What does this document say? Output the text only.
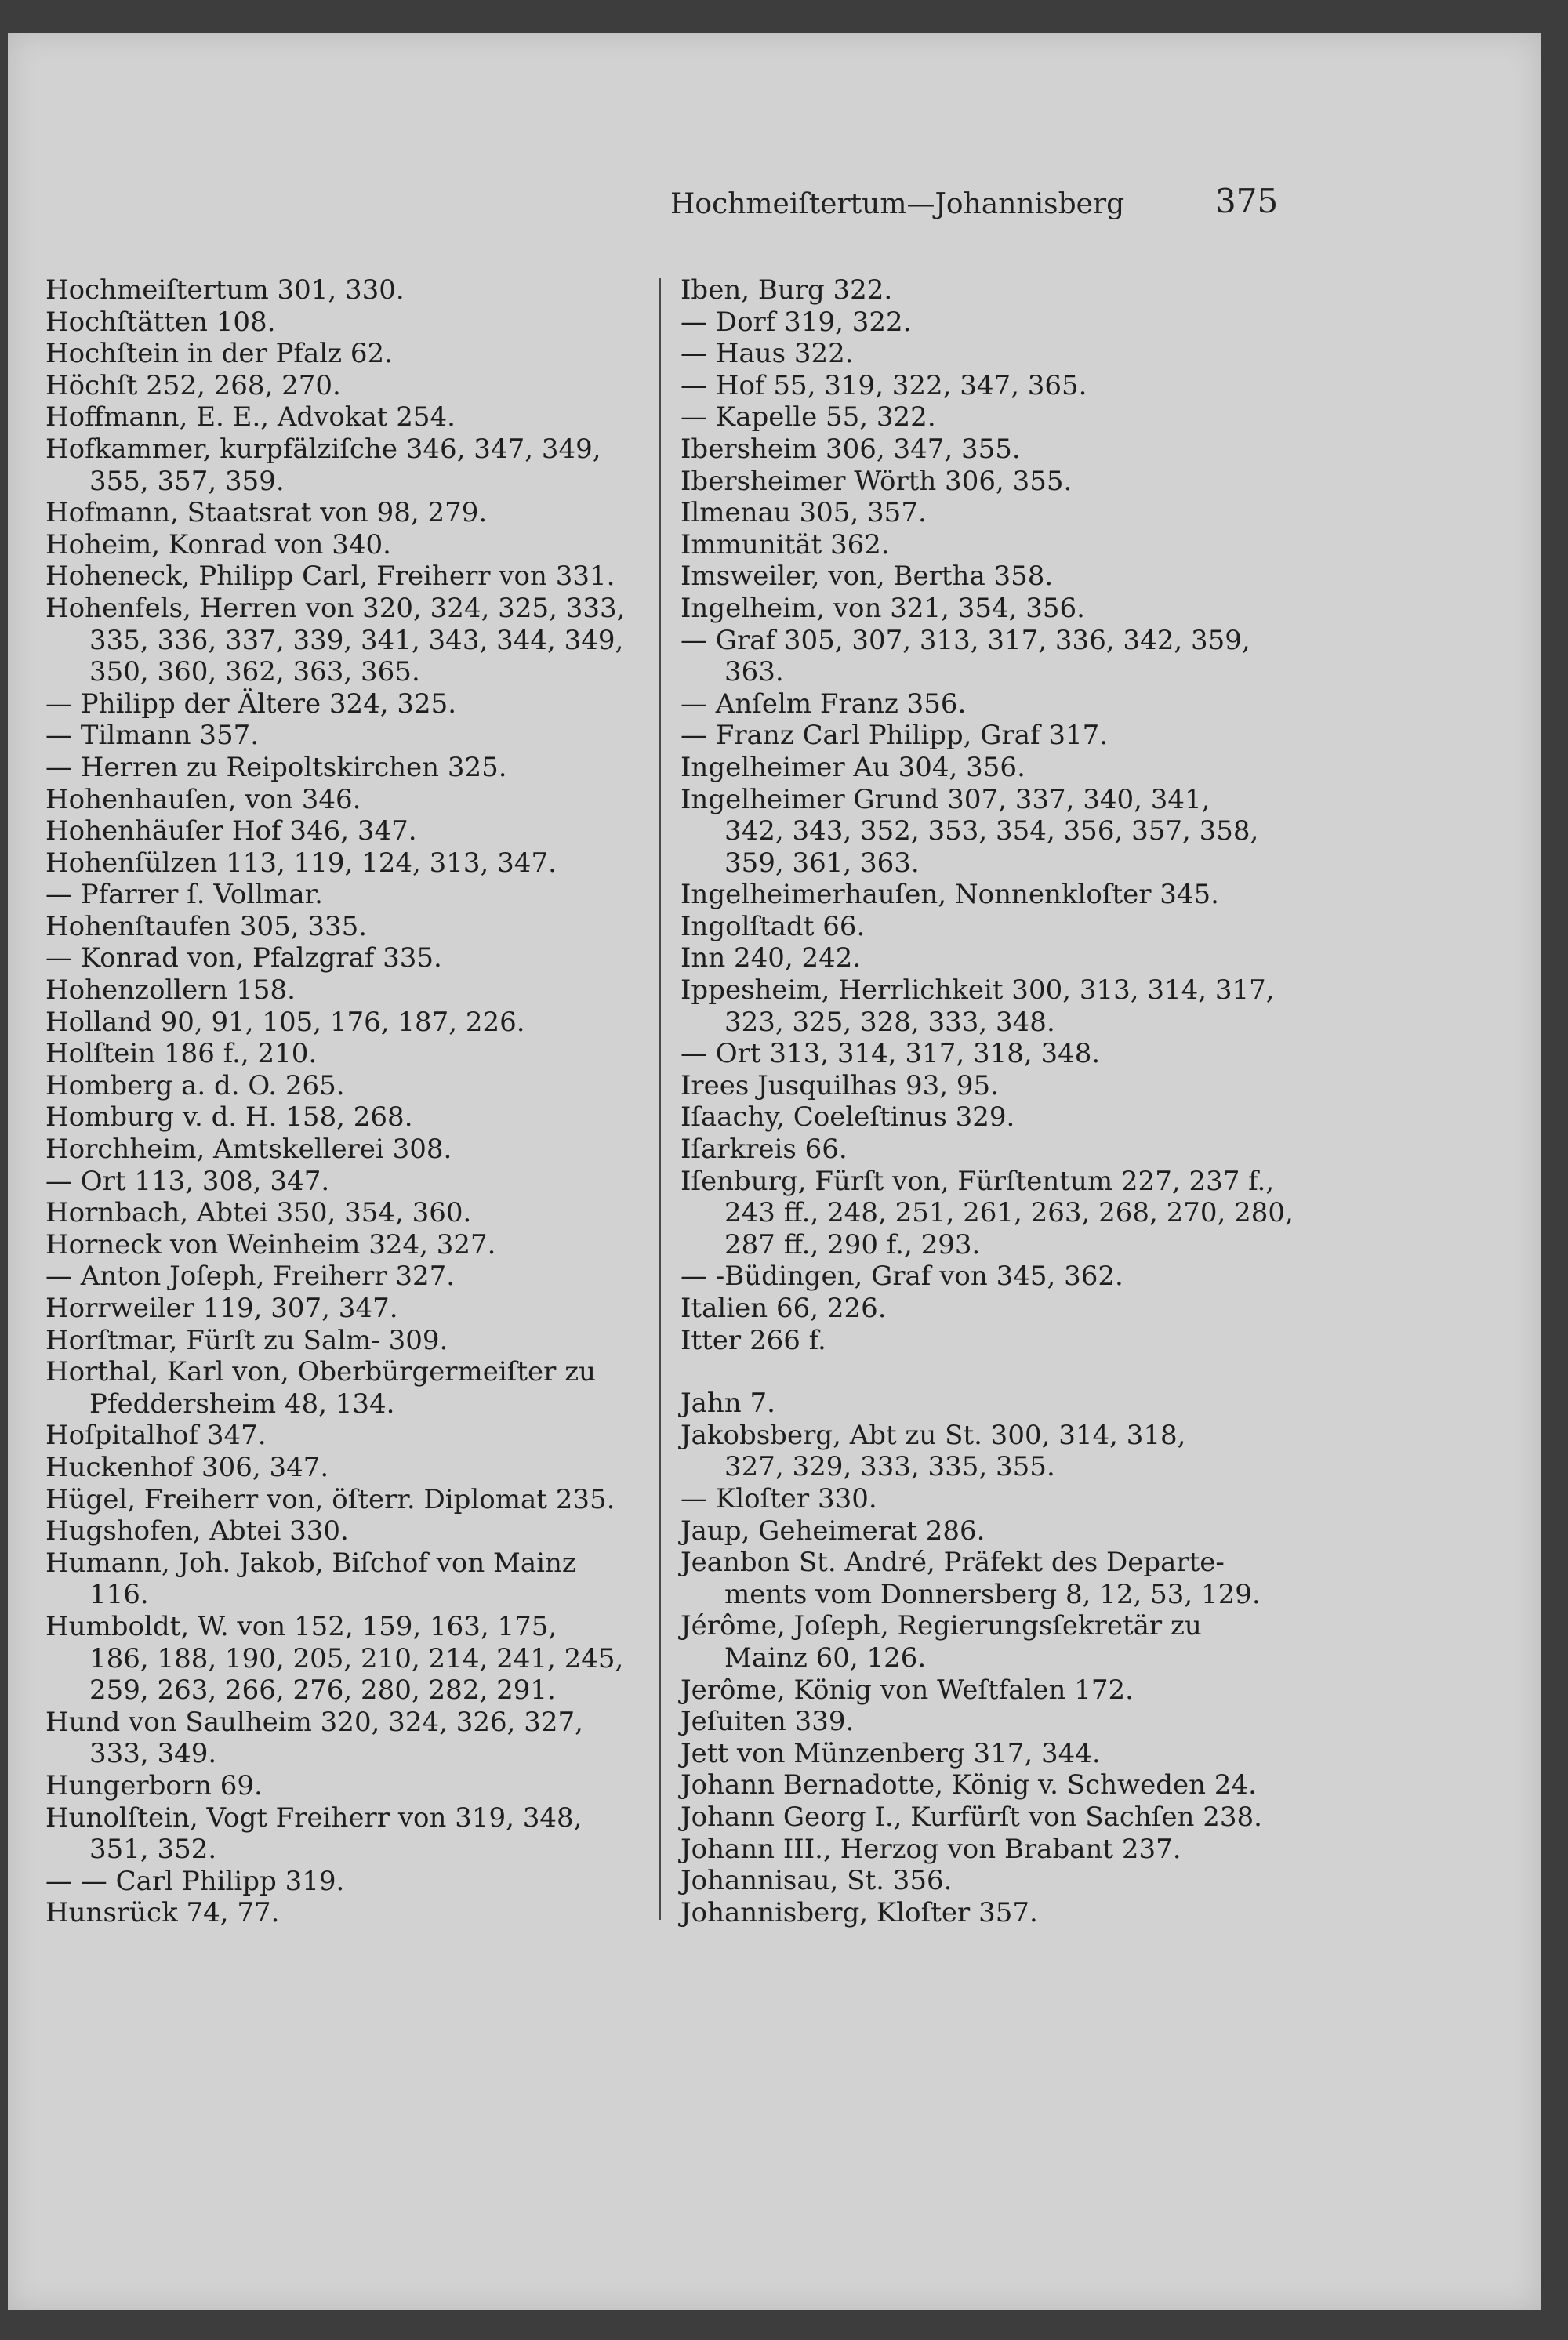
Hochmeiſtertum—Johannisberg	375
Hochmeiſtertum 301, 330.
Hochſtätten 108.
Hochſtein in der Pfalz 62.
Höchſt 252, 268, 270.
Hoffmann, E. E., Advokat 254.
Hofkammer, kurpfälziſche 346, 347, 349,
355, 357, 359.
Hofmann, Staatsrat von 98, 279.
Hoheim, Konrad von 340.
Hoheneck, Philipp Carl, Freiherr von 331.
Hohenfels, Herren von 320, 324, 325, 333,
335, 336, 337, 339, 341, 343, 344, 349,
350, 360, 362, 363, 365.
— Philipp der Ältere 324, 325.
— Tilmann 357.
— Herren zu Reipoltskirchen 325.
Hohenhauſen, von 346.
Hohenhäuſer Hof 346, 347.
Hohenſülzen 113, 119, 124, 313, 347.
— Pfarrer ſ. Vollmar.
Hohenſtaufen 305, 335.
— Konrad von, Pfalzgraf 335.
Hohenzollern 158.
Holland 90, 91, 105, 176, 187, 226.
Holſtein 186 f., 210.
Homberg a. d. O. 265.
Homburg v. d. H. 158, 268.
Horchheim, Amtskellerei 308.
— Ort 113, 308, 347.
Hornbach, Abtei 350, 354, 360.
Horneck von Weinheim 324, 327.
— Anton Joſeph, Freiherr 327.
Horrweiler 119, 307, 347.
Horſtmar, Fürſt zu Salm- 309.
Horthal, Karl von, Oberbürgermeiſter zu
Pfeddersheim 48, 134.
Hoſpitalhof 347.
Huckenhof 306, 347.
Hügel, Freiherr von, öſterr. Diplomat 235.
Hugshofen, Abtei 330.
Humann, Joh. Jakob, Biſchof von Mainz
116.
Humboldt, W. von 152, 159, 163, 175,
186, 188, 190, 205, 210, 214, 241, 245,
259, 263, 266, 276, 280, 282, 291.
Hund von Saulheim 320, 324, 326, 327,
333, 349.
Hungerborn 69.
Hunolſtein, Vogt Freiherr von 319, 348,
351, 352.
— — Carl Philipp 319.
Hunsrück 74, 77.
Iben, Burg 322.
— Dorf 319, 322.
— Haus 322.
— Hof 55, 319, 322, 347, 365.
— Kapelle 55, 322.
Ibersheim 306, 347, 355.
Ibersheimer Wörth 306, 355.
Ilmenau 305, 357.
Immunität 362.
Imsweiler, von, Bertha 358.
Ingelheim, von 321, 354, 356.
— Graf 305, 307, 313, 317, 336, 342, 359,
363.
— Anſelm Franz 356.
— Franz Carl Philipp, Graf 317.
Ingelheimer Au 304, 356.
Ingelheimer Grund 307, 337, 340, 341,
342, 343, 352, 353, 354, 356, 357, 358,
359, 361, 363.
Ingelheimerhauſen, Nonnenkloſter 345.
Ingolſtadt 66.
Inn 240, 242.
Ippesheim, Herrlichkeit 300, 313, 314, 317,
323, 325, 328, 333, 348.
— Ort 313, 314, 317, 318, 348.
Irees Jusquilhas 93, 95.
Iſaachy, Coeleſtinus 329.
Iſarkreis 66.
Iſenburg, Fürſt von, Fürſtentum 227, 237 f.,
243 ff., 248, 251, 261, 263, 268, 270, 280,
287 ff., 290 f., 293.
— -Büdingen, Graf von 345, 362.
Italien 66, 226.
Itter 266 f.
Jahn 7.
Jakobsberg, Abt zu St. 300, 314, 318,
327, 329, 333, 335, 355.
— Kloſter 330.
Jaup, Geheimerat 286.
Jeanbon St. André, Präfekt des Departe-
ments vom Donnersberg 8, 12, 53, 129.
Jérôme, Joſeph, Regierungsſekretär zu
Mainz 60, 126.
Jerôme, König von Weſtfalen 172.
Jeſuiten 339.
Jett von Münzenberg 317, 344.
Johann Bernadotte, König v. Schweden 24.
Johann Georg I., Kurfürſt von Sachſen 238.
Johann III., Herzog von Brabant 237.
Johannisau, St. 356.
Johannisberg, Kloſter 357.
